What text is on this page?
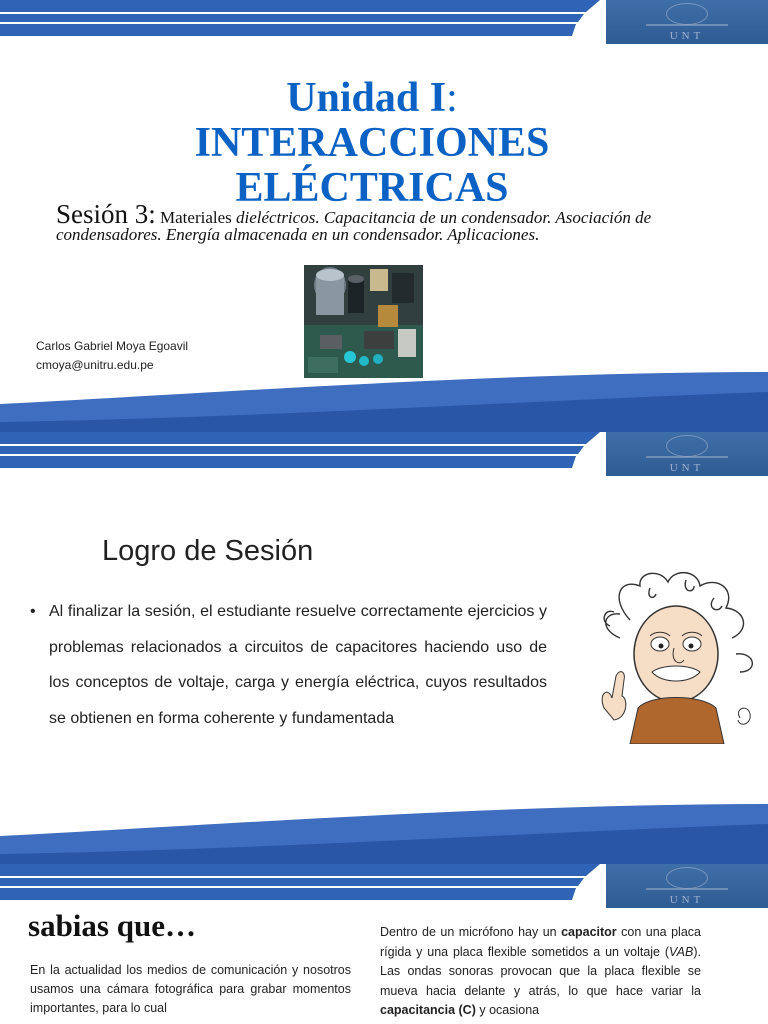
UNT
Unidad I:
INTERACCIONES
ELÉCTRICAS
Sesión 3: Materiales dieléctricos. Capacitancia de un condensador. Asociación de condensadores. Energía almacenada en un condensador. Aplicaciones.
Carlos Gabriel Moya Egoavil
cmoya@unitru.edu.pe
UNT
Logro de Sesión
• Al finalizar la sesión, el estudiante resuelve correctamente ejercicios y problemas relacionados a circuitos de capacitores haciendo uso de los conceptos de voltaje, carga y energía eléctrica, cuyos resultados se obtienen en forma coherente y fundamentada
UNT
sabias que…
En la actualidad los medios de comunicación y nosotros usamos una cámara fotográfica para grabar momentos importantes, para lo cual
Dentro de un micrófono hay un capacitor con una placa rígida y una placa flexible sometidos a un voltaje (VAB). Las ondas sonoras provocan que la placa flexible se mueva hacia delante y atrás, lo que hace variar la capacitancia (C) y ocasiona
